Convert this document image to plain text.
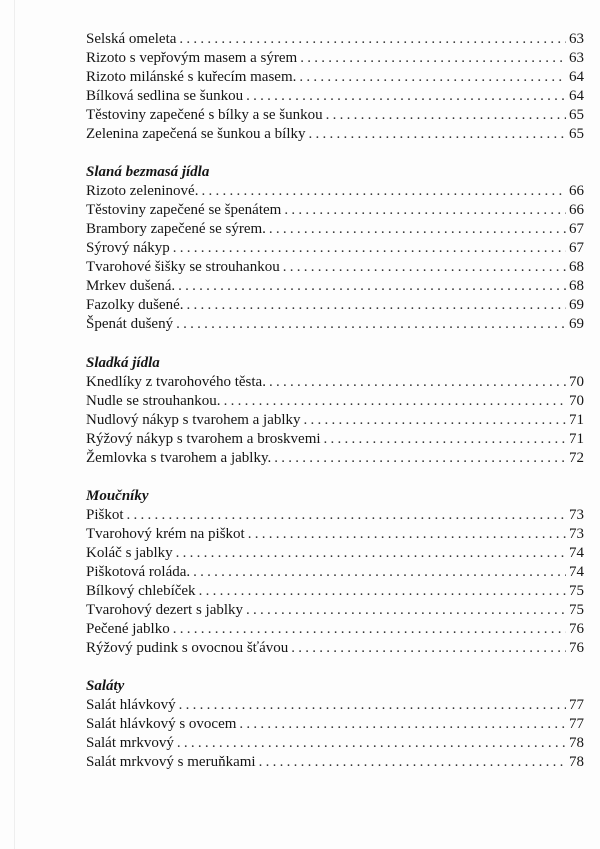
Selská omeleta . . .	63
Rizoto s vepřovým masem a sýrem . . .	63
Rizoto milánské s kuřecím masem. . . .	64
Bílková sedlina se šunkou . . .	64
Těstoviny zapečené s bílky a se šunkou . . .	65
Zelenina zapečená se šunkou a bílky . . .	65
Slaná bezmasá jídla
Rizoto zeleninové. . . .	66
Těstoviny zapečené se špenátem . . .	66
Brambory zapečené se sýrem. . . .	67
Sýrový nákyp . . .	67
Tvarohové šišky se strouhankou . . .	68
Mrkev dušená. . . .	68
Fazolky dušené. . . .	69
Špenát dušený . . .	69
Sladká jídla
Knedlíky z tvarohového těsta. . . .	70
Nudle se strouhankou. . . .	70
Nudlový nákyp s tvarohem a jablky . . .	71
Rýžový nákyp s tvarohem a broskvemi . . .	71
Žemlovka s tvarohem a jablky. . . .	72
Moučníky
Piškot . . .	73
Tvarohový krém na piškot . . .	73
Koláč s jablky . . .	74
Piškotová roláda. . . .	74
Bílkový chlebíček . . .	75
Tvarohový dezert s jablky . . .	75
Pečené jablko . . .	76
Rýžový pudink s ovocnou šťávou . . .	76
Saláty
Salát hlávkový . . .	77
Salát hlávkový s ovocem . . .	77
Salát mrkvový . . .	78
Salát mrkvový s meruňkami . . .	78
